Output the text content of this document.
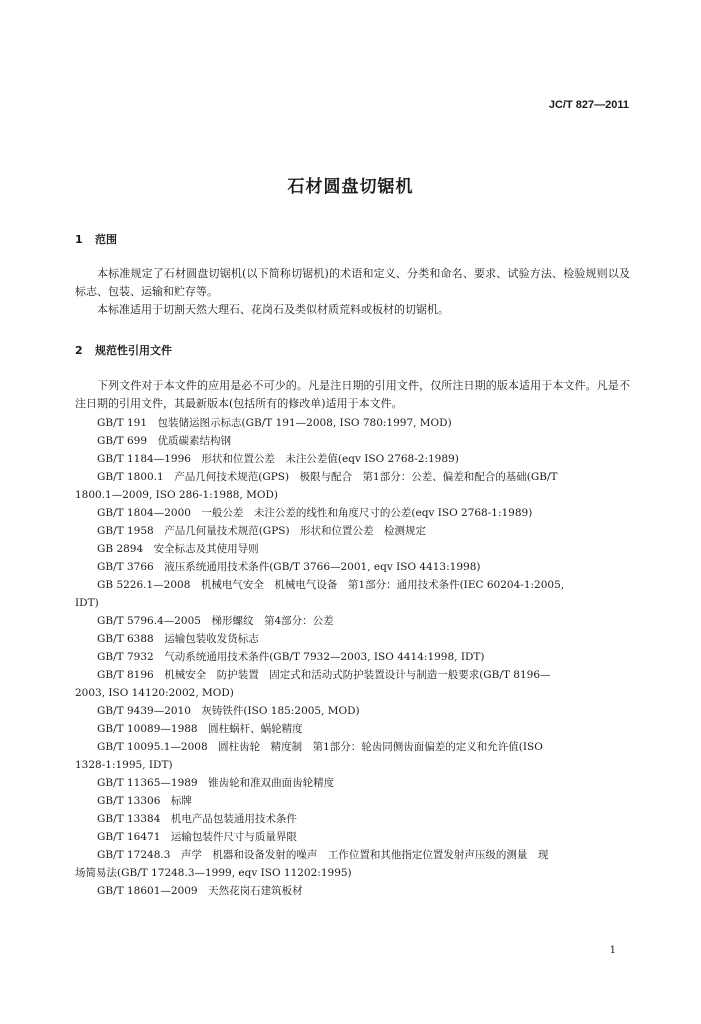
JC/T 827—2011
石材圆盘切锯机
1 范围
本标准规定了石材圆盘切锯机(以下简称切锯机)的术语和定义、分类和命名、要求、试验方法、检验规则以及标志、包装、运输和贮存等。
本标准适用于切割天然大理石、花岗石及类似材质荒料或板材的切锯机。
2 规范性引用文件
下列文件对于本文件的应用是必不可少的。凡是注日期的引用文件，仅所注日期的版本适用于本文件。凡是不注日期的引用文件，其最新版本(包括所有的修改单)适用于本文件。
GB/T 191　包装储运图示标志(GB/T 191—2008, ISO 780:1997, MOD)
GB/T 699　优质碳素结构钢
GB/T 1184—1996　形状和位置公差　未注公差值(eqv ISO 2768-2:1989)
GB/T 1800.1　产品几何技术规范(GPS)　极限与配合　第1部分：公差、偏差和配合的基础(GB/T
1800.1—2009, ISO 286-1:1988, MOD)
GB/T 1804—2000　一般公差　未注公差的线性和角度尺寸的公差(eqv ISO 2768-1:1989)
GB/T 1958　产品几何量技术规范(GPS)　形状和位置公差　检测规定
GB 2894　安全标志及其使用导则
GB/T 3766　液压系统通用技术条件(GB/T 3766—2001, eqv ISO 4413:1998)
GB 5226.1—2008　机械电气安全　机械电气设备　第1部分：通用技术条件(IEC 60204-1:2005,
IDT)
GB/T 5796.4—2005　梯形螺纹　第4部分：公差
GB/T 6388　运输包装收发货标志
GB/T 7932　气动系统通用技术条件(GB/T 7932—2003, ISO 4414:1998, IDT)
GB/T 8196　机械安全　防护装置　固定式和活动式防护装置设计与制造一般要求(GB/T 8196—
2003, ISO 14120:2002, MOD)
GB/T 9439—2010　灰铸铁件(ISO 185:2005, MOD)
GB/T 10089—1988　圆柱蜗杆、蜗轮精度
GB/T 10095.1—2008　圆柱齿轮　精度制　第1部分：轮齿同侧齿面偏差的定义和允许值(ISO
1328-1:1995, IDT)
GB/T 11365—1989　锥齿轮和准双曲面齿轮精度
GB/T 13306　标牌
GB/T 13384　机电产品包装通用技术条件
GB/T 16471　运输包装件尺寸与质量界限
GB/T 17248.3　声学　机器和设备发射的噪声　工作位置和其他指定位置发射声压级的测量　现
场简易法(GB/T 17248.3—1999, eqv ISO 11202:1995)
GB/T 18601—2009　天然花岗石建筑板材
1
